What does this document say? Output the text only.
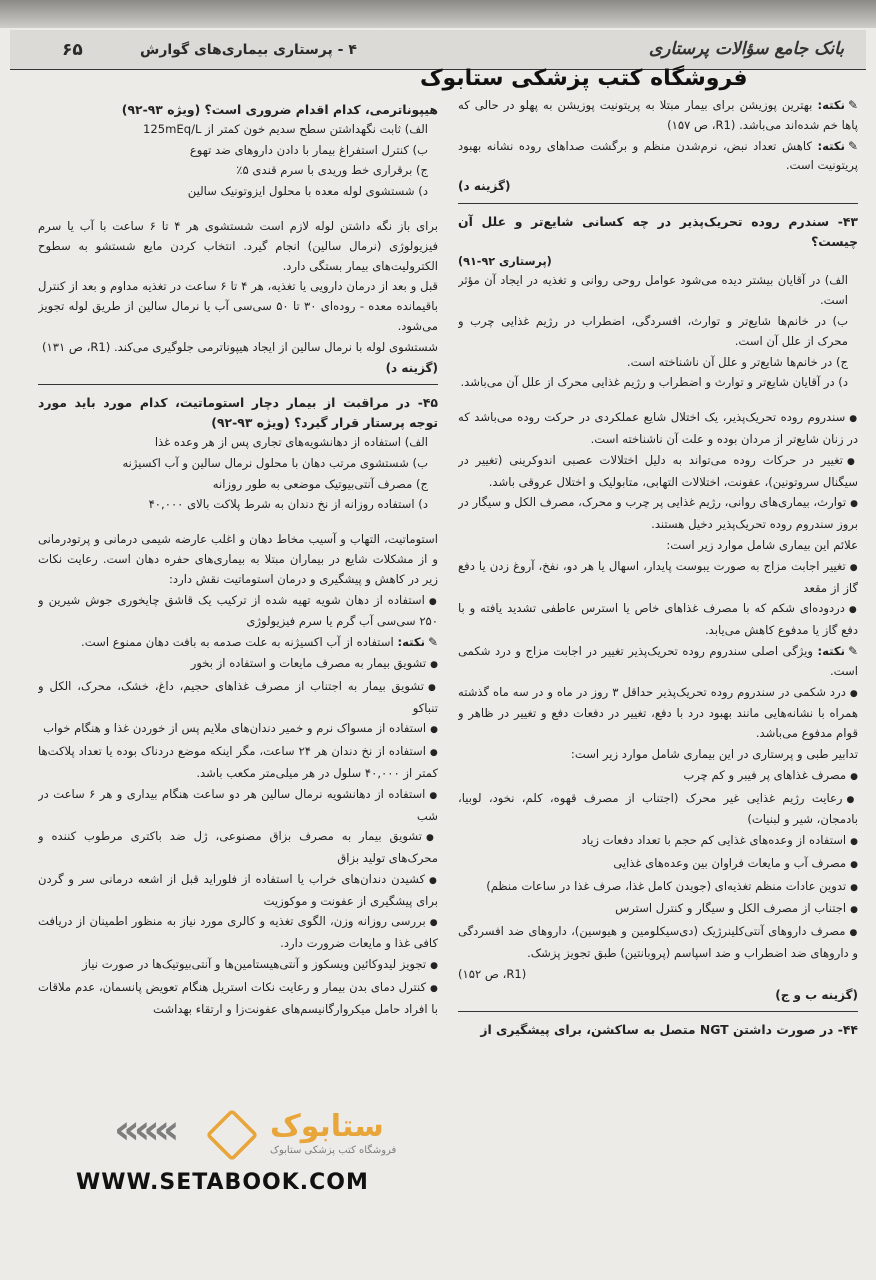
بانک جامع سؤالات پرستاری
۴ - پرستاری بیماری‌های گوارش
۶۵
فروشگاه کتب پزشکی ستابوک
✎نکته: بهترین پوزیشن برای بیمار مبتلا به پریتونیت پوزیشن به پهلو در حالی که پاها خم شده‌اند می‌باشد. (R1، ص ۱۵۷)
✎نکته: کاهش تعداد نبض، نرم‌شدن منظم و برگشت صداهای روده نشانه بهبود پریتونیت است.
(گزینه د)
۴۳- سندرم روده تحریک‌پذیر در چه کسانی شایع‌تر و علل آن چیست؟
(پرستاری ۹۲-۹۱)
الف) در آقایان بیشتر دیده می‌شود عوامل روحی روانی و تغذیه در ایجاد آن مؤثر است.
ب) در خانم‌ها شایع‌تر و توارث، افسردگی، اضطراب در رژیم غذایی چرب و محرک از علل آن است.
ج) در خانم‌ها شایع‌تر و علل آن ناشناخته است.
د) در آقایان شایع‌تر و توارث و اضطراب و رژیم غذایی محرک از علل آن می‌باشد.
● سندروم روده تحریک‌پذیر، یک اختلال شایع عملکردی در حرکت روده می‌باشد که در زنان شایع‌تر از مردان بوده و علت آن ناشناخته است.
● تغییر در حرکات روده می‌تواند به دلیل اختلالات عصبی اندوکرینی (تغییر در سیگنال سروتونین)، عفونت، اختلالات التهابی، متابولیک و اختلال عروقی باشد.
● توارث، بیماری‌های روانی، رژیم غذایی پر چرب و محرک، مصرف الکل و سیگار در بروز سندروم روده تحریک‌پذیر دخیل هستند.
علائم این بیماری شامل موارد زیر است:
● تغییر اجابت مزاج به صورت یبوست پایدار، اسهال یا هر دو، نفخ، آروغ زدن یا دفع گاز از مقعد
● دردوده‌ای شکم که با مصرف غذاهای خاص یا استرس عاطفی تشدید یافته و با دفع گاز یا مدفوع کاهش می‌یابد.
✎نکته: ویژگی اصلی سندروم روده تحریک‌پذیر تغییر در اجابت مزاج و درد شکمی است.
● درد شکمی در سندروم روده تحریک‌پذیر حداقل ۳ روز در ماه و در سه ماه گذشته همراه با نشانه‌هایی مانند بهبود درد با دفع، تغییر در دفعات دفع و تغییر در ظاهر و قوام مدفوع می‌باشد.
تدابیر طبی و پرستاری در این بیماری شامل موارد زیر است:
● مصرف غذاهای پر فیبر و کم چرب
● رعایت رژیم غذایی غیر محرک (اجتناب از مصرف قهوه، کلم، نخود، لوبیا، بادمجان، شیر و لبنیات)
● استفاده از وعده‌های غذایی کم حجم با تعداد دفعات زیاد
● مصرف آب و مایعات فراوان بین وعده‌های غذایی
● تدوین عادات منظم تغذیه‌ای (جویدن کامل غذا، صرف غذا در ساعات منظم)
● اجتناب از مصرف الکل و سیگار و کنترل استرس
● مصرف داروهای آنتی‌کلینرژیک (دی‌سیکلومین و هیوسین)، داروهای ضد افسردگی و داروهای ضد اضطراب و ضد اسپاسم (پروبانتین) طبق تجویز پزشک.
(R1، ص ۱۵۲)
(گزینه ب و ج)
۴۴- در صورت داشتن NGT متصل به ساکشن، برای پیشگیری از
هیپوناترمی، کدام اقدام ضروری است؟ (ویژه ۹۳-۹۲)
الف) ثابت نگهداشتن سطح سدیم خون کمتر از 125mEq/L
ب) کنترل استفراغ بیمار با دادن داروهای ضد تهوع
ج) برقراری خط وریدی با سرم قندی ۵٪
د) شستشوی لوله معده با محلول ایزوتونیک سالین
برای باز نگه داشتن لوله لازم است شستشوی هر ۴ تا ۶ ساعت با آب یا سرم فیزیولوژی (نرمال سالین) انجام گیرد. انتخاب کردن مایع شستشو به سطوح الکترولیت‌های بیمار بستگی دارد.
قبل و بعد از درمان دارویی یا تغذیه، هر ۴ تا ۶ ساعت در تغذیه مداوم و بعد از کنترل باقیمانده معده - روده‌ای ۳۰ تا ۵۰ سی‌سی آب یا نرمال سالین از طریق لوله تجویز می‌شود.
شستشوی لوله با نرمال سالین از ایجاد هیپوناترمی جلوگیری می‌کند. (R1، ص ۱۳۱)
(گزینه د)
۴۵- در مراقبت از بیمار دچار استوماتیت، کدام مورد باید مورد توجه پرستار قرار گیرد؟ (ویژه ۹۳-۹۲)
الف) استفاده از دهانشویه‌های تجاری پس از هر وعده غذا
ب) شستشوی مرتب دهان با محلول نرمال سالین و آب اکسیژنه
ج) مصرف آنتی‌بیوتیک موضعی به طور روزانه
د) استفاده روزانه از نخ دندان به شرط پلاکت بالای ۴۰,۰۰۰
استوماتیت، التهاب و آسیب مخاط دهان و اغلب عارضه شیمی درمانی و پرتودرمانی و از مشکلات شایع در بیماران مبتلا به بیماری‌های حفره دهان است. رعایت نکات زیر در کاهش و پیشگیری و درمان استوماتیت نقش دارد:
● استفاده از دهان شویه تهیه شده از ترکیب یک قاشق چایخوری جوش شیرین و ۲۵۰ سی‌سی آب گرم یا سرم فیزیولوژی
✎نکته: استفاده از آب اکسیژنه به علت صدمه به بافت دهان ممنوع است.
● تشویق بیمار به مصرف مایعات و استفاده از بخور
● تشویق بیمار به اجتناب از مصرف غذاهای حجیم، داغ، خشک، محرک، الکل و تنباکو
● استفاده از مسواک نرم و خمیر دندان‌های ملایم پس از خوردن غذا و هنگام خواب
● استفاده از نخ دندان هر ۲۴ ساعت، مگر اینکه موضع دردناک بوده یا تعداد پلاکت‌ها کمتر از ۴۰,۰۰۰ سلول در هر میلی‌متر مکعب باشد.
● استفاده از دهانشویه نرمال سالین هر دو ساعت هنگام بیداری و هر ۶ ساعت در شب
● تشویق بیمار به مصرف بزاق مصنوعی، ژل ضد باکتری مرطوب کننده و محرک‌های تولید بزاق
● کشیدن دندان‌های خراب یا استفاده از فلوراید قبل از اشعه درمانی سر و گردن برای پیشگیری از عفونت و موکوزیت
● بررسی روزانه وزن، الگوی تغذیه و کالری مورد نیاز به منظور اطمینان از دریافت کافی غذا و مایعات ضرورت دارد.
● تجویز لیدوکائین ویسکوز و آنتی‌هیستامین‌ها و آنتی‌بیوتیک‌ها در صورت نیاز
● کنترل دمای بدن بیمار و رعایت نکات استریل هنگام تعویض پانسمان، عدم ملاقات با افراد حامل میکروارگانیسم‌های عفونت‌زا و ارتقاء بهداشت
«««	ستابوک
فروشگاه کتب پزشکی ستابوک
WWW.SETABOOK.COM
